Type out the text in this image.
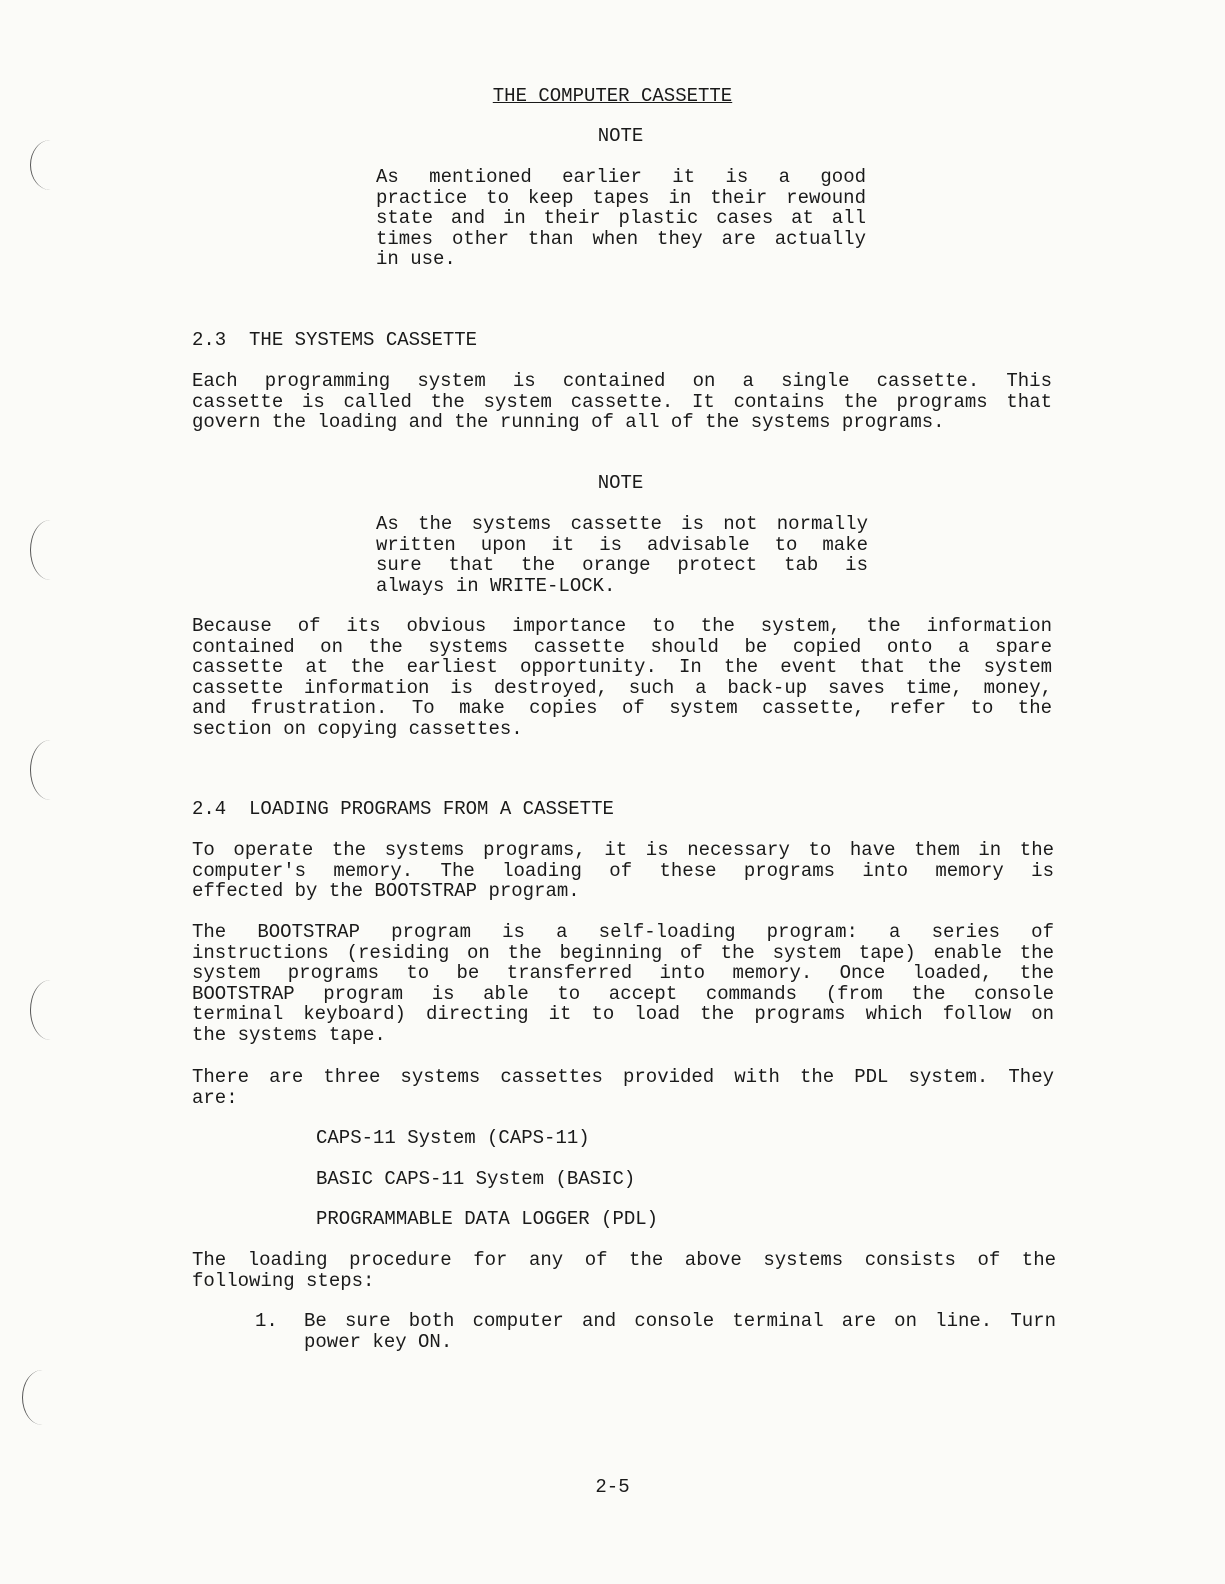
THE COMPUTER CASSETTE
NOTE
As mentioned earlier it is a good
practice to keep tapes in their rewound
state and in their plastic cases at all
times other than when they are actually
in use.
2.3  THE SYSTEMS CASSETTE
Each programming system is contained on a single cassette. This
cassette is called the system cassette. It contains the programs that
govern the loading and the running of all of the systems programs.
NOTE
As the systems cassette is not normally
written upon it is advisable to make
sure that the orange protect tab is
always in WRITE-LOCK.
Because of its obvious importance to the system, the information
contained on the systems cassette should be copied onto a spare
cassette at the earliest opportunity. In the event that the system
cassette information is destroyed, such a back-up saves time, money,
and frustration. To make copies of system cassette, refer to the
section on copying cassettes.
2.4  LOADING PROGRAMS FROM A CASSETTE
To operate the systems programs, it is necessary to have them in the
computer's memory. The loading of these programs into memory is
effected by the BOOTSTRAP program.
The BOOTSTRAP program is a self-loading program: a series of
instructions (residing on the beginning of the system tape) enable the
system programs to be transferred into memory. Once loaded, the
BOOTSTRAP program is able to accept commands (from the console
terminal keyboard) directing it to load the programs which follow on
the systems tape.
There are three systems cassettes provided with the PDL system. They
are:
CAPS-11 System (CAPS-11)
BASIC CAPS-11 System (BASIC)
PROGRAMMABLE DATA LOGGER (PDL)
The loading procedure for any of the above systems consists of the
following steps:
1. Be sure both computer and console terminal are on line. Turn
power key ON.
2-5
